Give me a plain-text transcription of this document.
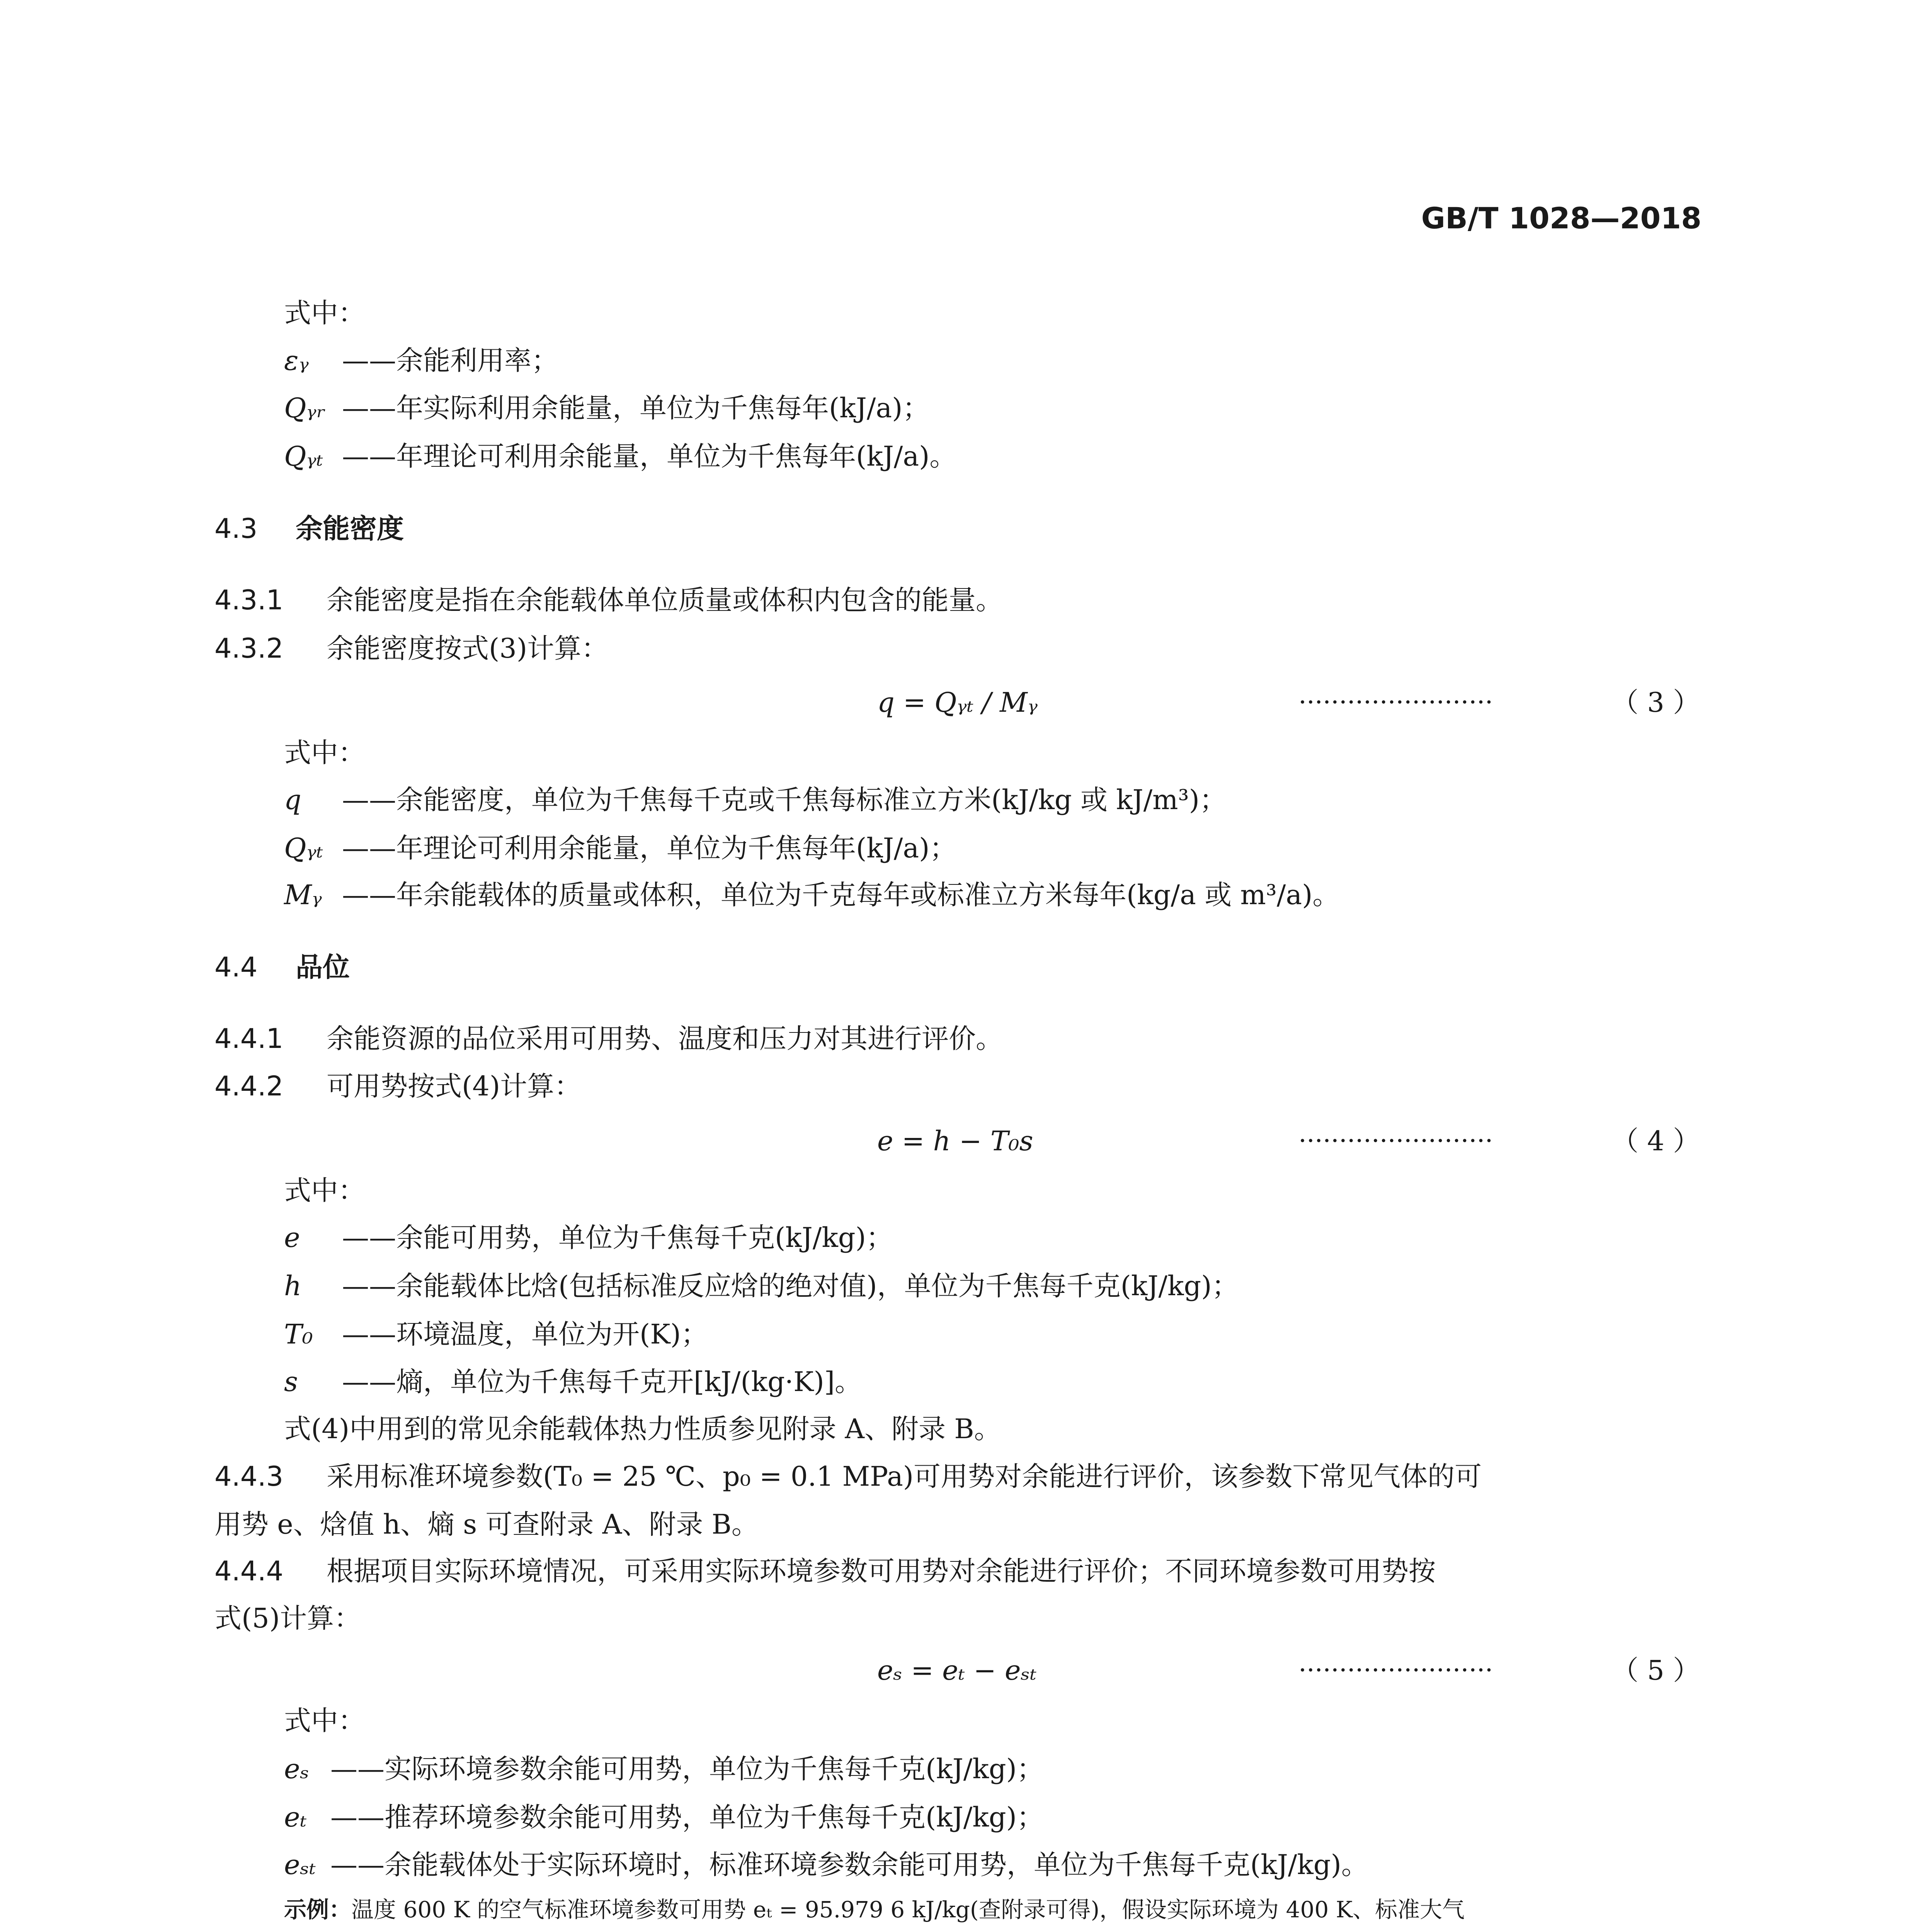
GB/T 1028—2018
式中：
εᵧ ——余能利用率；
Qᵧᵣ ——年实际利用余能量，单位为千焦每年(kJ/a)；
Qᵧₜ ——年理论可利用余能量，单位为千焦每年(kJ/a)。
4.3 余能密度
4.3.1 余能密度是指在余能载体单位质量或体积内包含的能量。
4.3.2 余能密度按式(3)计算：
q = Qᵧₜ / Mᵧ	························	（ 3 ）
式中：
q ——余能密度，单位为千焦每千克或千焦每标准立方米(kJ/kg 或 kJ/m³)；
Qᵧₜ ——年理论可利用余能量，单位为千焦每年(kJ/a)；
Mᵧ ——年余能载体的质量或体积，单位为千克每年或标准立方米每年(kg/a 或 m³/a)。
4.4 品位
4.4.1 余能资源的品位采用可用势、温度和压力对其进行评价。
4.4.2 可用势按式(4)计算：
e = h − T₀s	························	（ 4 ）
式中：
e ——余能可用势，单位为千焦每千克(kJ/kg)；
h ——余能载体比焓(包括标准反应焓的绝对值)，单位为千焦每千克(kJ/kg)；
T₀ ——环境温度，单位为开(K)；
s ——熵，单位为千焦每千克开[kJ/(kg·K)]。
式(4)中用到的常见余能载体热力性质参见附录 A、附录 B。
4.4.3 采用标准环境参数(T₀ = 25 ℃、p₀ = 0.1 MPa)可用势对余能进行评价，该参数下常见气体的可
用势 e、焓值 h、熵 s 可查附录 A、附录 B。
4.4.4 根据项目实际环境情况，可采用实际环境参数可用势对余能进行评价；不同环境参数可用势按
式(5)计算：
eₛ = eₜ − eₛₜ	························	（ 5 ）
式中：
eₛ ——实际环境参数余能可用势，单位为千焦每千克(kJ/kg)；
eₜ ——推荐环境参数余能可用势，单位为千焦每千克(kJ/kg)；
eₛₜ ——余能载体处于实际环境时，标准环境参数余能可用势，单位为千焦每千克(kJ/kg)。
示例：温度 600 K 的空气标准环境参数可用势 eₜ = 95.979 6 kJ/kg(查附录可得)，假设实际环境为 400 K、标准大气
